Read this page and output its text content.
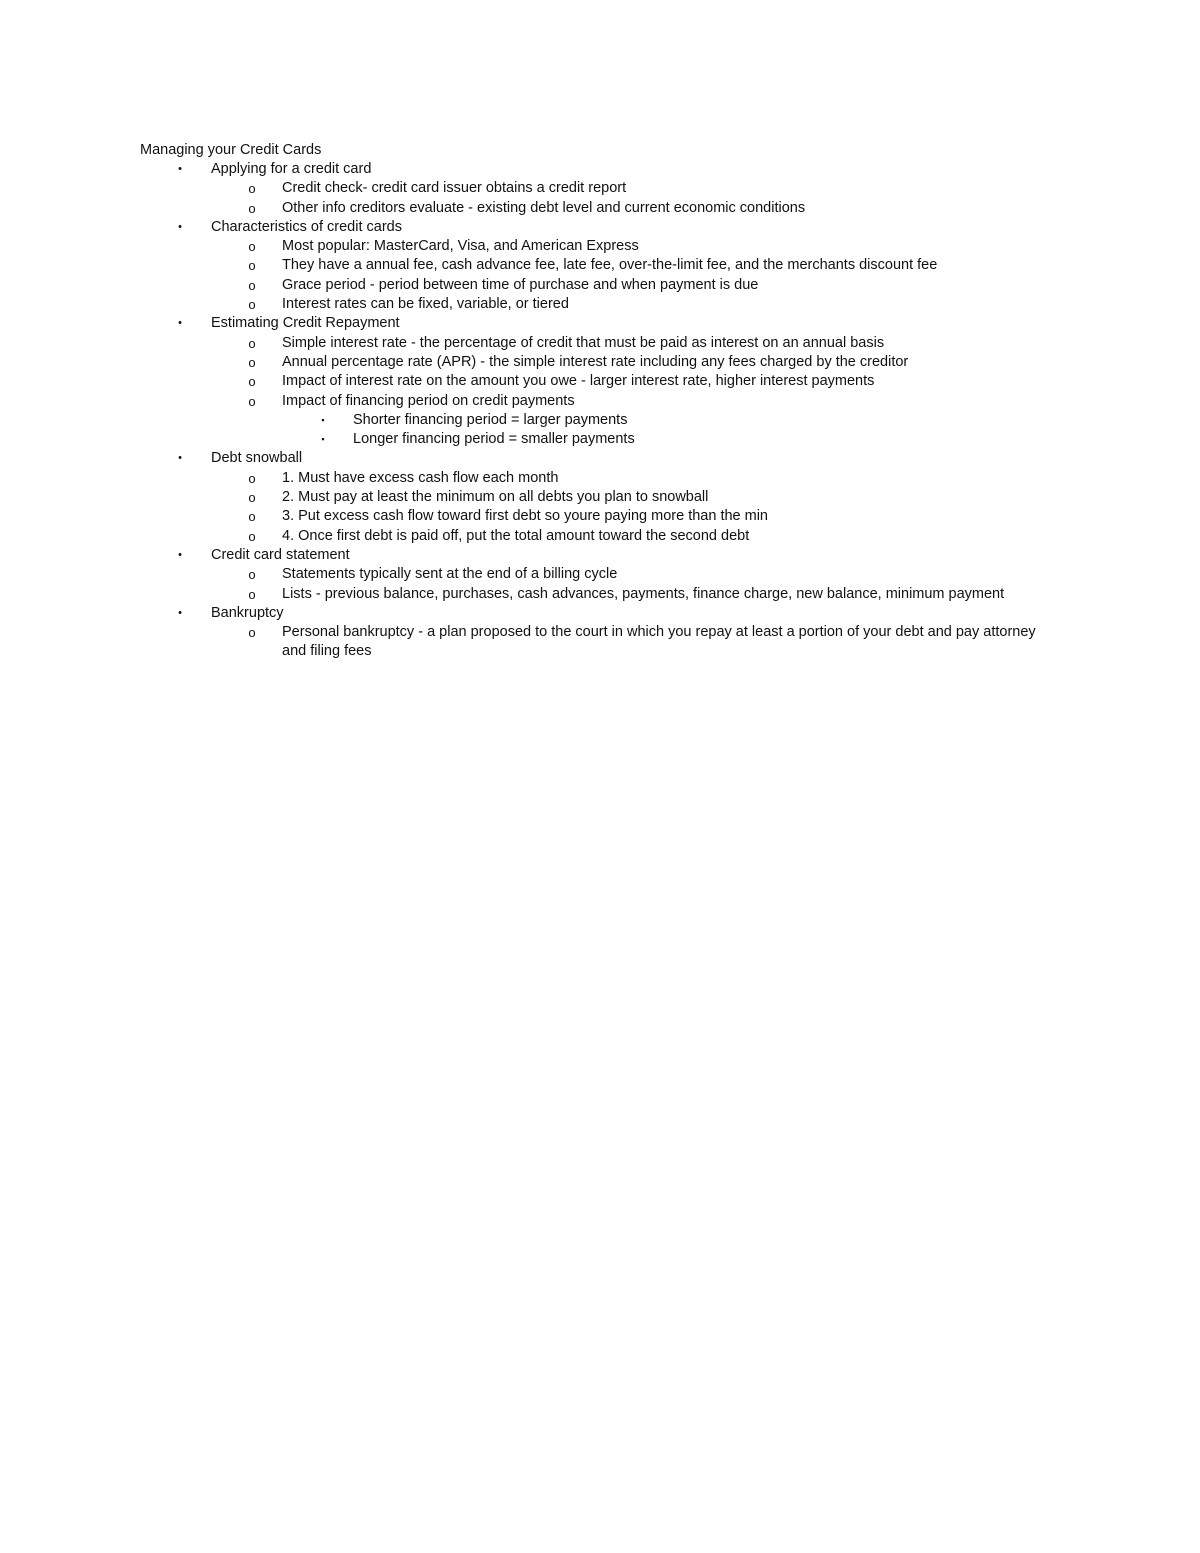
Managing your Credit Cards

•	Applying for a credit card
o Credit check- credit card issuer obtains a credit report
o Other info creditors evaluate - existing debt level and current economic conditions
•	Characteristics of credit cards
o Most popular: MasterCard, Visa, and American Express
o They have a annual fee, cash advance fee, late fee, over-the-limit fee, and the merchants discount fee
o Grace period - period between time of purchase and when payment is due
o Interest rates can be fixed, variable, or tiered
•	Estimating Credit Repayment
o Simple interest rate - the percentage of credit that must be paid as interest on an annual basis
o Annual percentage rate (APR) - the simple interest rate including any fees charged by the creditor
o Impact of interest rate on the amount you owe - larger interest rate, higher interest payments
o Impact of financing period on credit payments
▪	Shorter financing period = larger payments
▪	Longer financing period = smaller payments
•	Debt snowball
o 1. Must have excess cash flow each month
o 2. Must pay at least the minimum on all debts you plan to snowball
o 3. Put excess cash flow toward first debt so youre paying more than the min
o 4. Once first debt is paid off, put the total amount toward the second debt
•	Credit card statement
o Statements typically sent at the end of a billing cycle
o Lists - previous balance, purchases, cash advances, payments, finance charge, new balance, minimum payment
•	Bankruptcy
o Personal bankruptcy - a plan proposed to the court in which you repay at least a portion of your debt and pay attorney and filing fees
